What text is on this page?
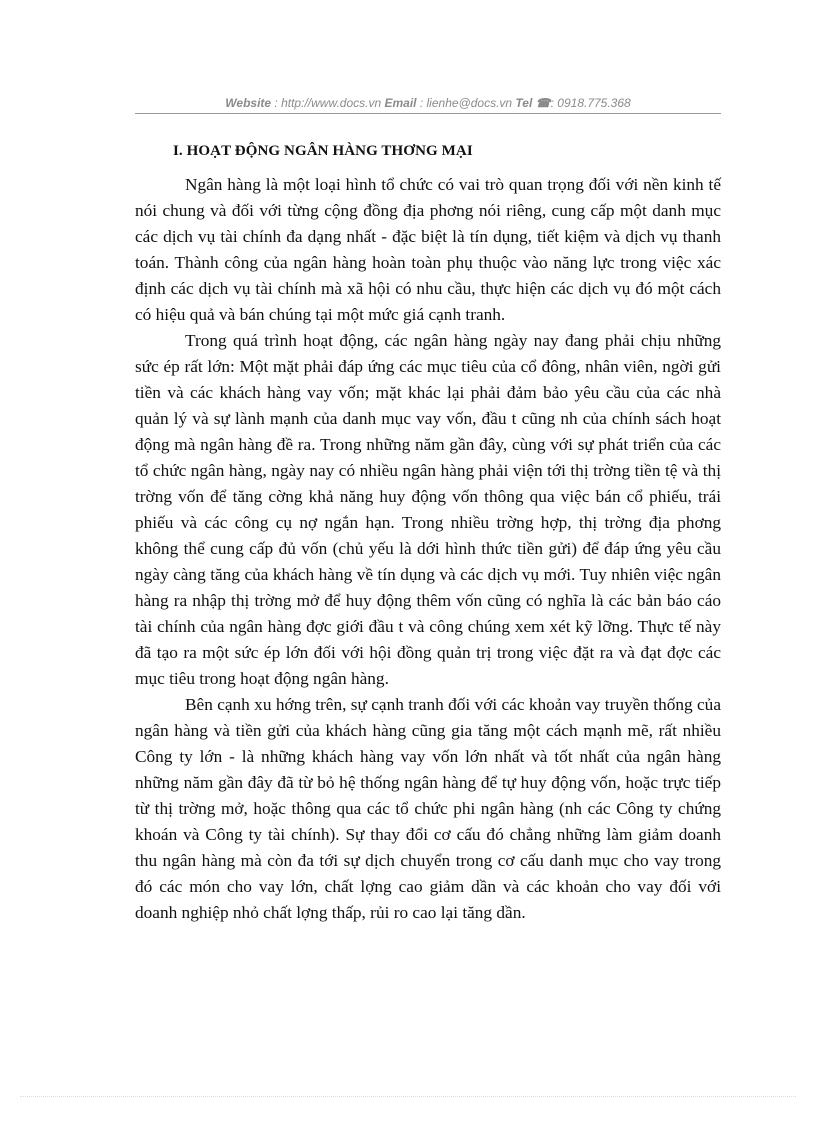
Website : http://www.docs.vn Email : lienhe@docs.vn Tel ☎: 0918.775.368
I. HOẠT ĐỘNG NGÂN HÀNG THƠNG MẠI

Ngân hàng là một loại hình tổ chức có vai trò quan trọng đối với nền kinh tế nói chung và đối với từng cộng đồng địa phơng nói riêng, cung cấp một danh mục các dịch vụ tài chính đa dạng nhất - đặc biệt là tín dụng, tiết kiệm và dịch vụ thanh toán. Thành công của ngân hàng hoàn toàn phụ thuộc vào năng lực trong việc xác định các dịch vụ tài chính mà xã hội có nhu cầu, thực hiện các dịch vụ đó một cách có hiệu quả và bán chúng tại một mức giá cạnh tranh.

Trong quá trình hoạt động, các ngân hàng ngày nay đang phải chịu những sức ép rất lớn: Một mặt phải đáp ứng các mục tiêu của cổ đông, nhân viên, ngời gửi tiền và các khách hàng vay vốn; mặt khác lại phải đảm bảo yêu cầu của các nhà quản lý và sự lành mạnh của danh mục vay vốn, đầu t cũng nh của chính sách hoạt động mà ngân hàng đề ra. Trong những năm gần đây, cùng với sự phát triển của các tổ chức ngân hàng, ngày nay có nhiều ngân hàng phải viện tới thị trờng tiền tệ và thị trờng vốn để tăng cờng khả năng huy động vốn thông qua việc bán cổ phiếu, trái phiếu và các công cụ nợ ngắn hạn. Trong nhiều trờng hợp, thị trờng địa phơng không thể cung cấp đủ vốn (chủ yếu là dới hình thức tiền gửi) để đáp ứng yêu cầu ngày càng tăng của khách hàng về tín dụng và các dịch vụ mới. Tuy nhiên việc ngân hàng ra nhập thị trờng mở để huy động thêm vốn cũng có nghĩa là các bản báo cáo tài chính của ngân hàng đợc giới đầu t và công chúng xem xét kỹ lỡng. Thực tế này đã tạo ra một sức ép lớn đối với hội đồng quản trị trong việc đặt ra và đạt đợc các mục tiêu trong hoạt động ngân hàng.

Bên cạnh xu hớng trên, sự cạnh tranh đối với các khoản vay truyền thống của ngân hàng và tiền gửi của khách hàng cũng gia tăng một cách mạnh mẽ, rất nhiều Công ty lớn - là những khách hàng vay vốn lớn nhất và tốt nhất của ngân hàng những năm gần đây đã từ bỏ hệ thống ngân hàng để tự huy động vốn, hoặc trực tiếp từ thị trờng mở, hoặc thông qua các tổ chức phi ngân hàng (nh các Công ty chứng khoán và Công ty tài chính). Sự thay đổi cơ cấu đó chẳng những làm giảm doanh thu ngân hàng mà còn đa tới sự dịch chuyển trong cơ cấu danh mục cho vay trong đó các món cho vay lớn, chất lợng cao giảm dần và các khoản cho vay đối với doanh nghiệp nhỏ chất lợng thấp, rủi ro cao lại tăng dần.
